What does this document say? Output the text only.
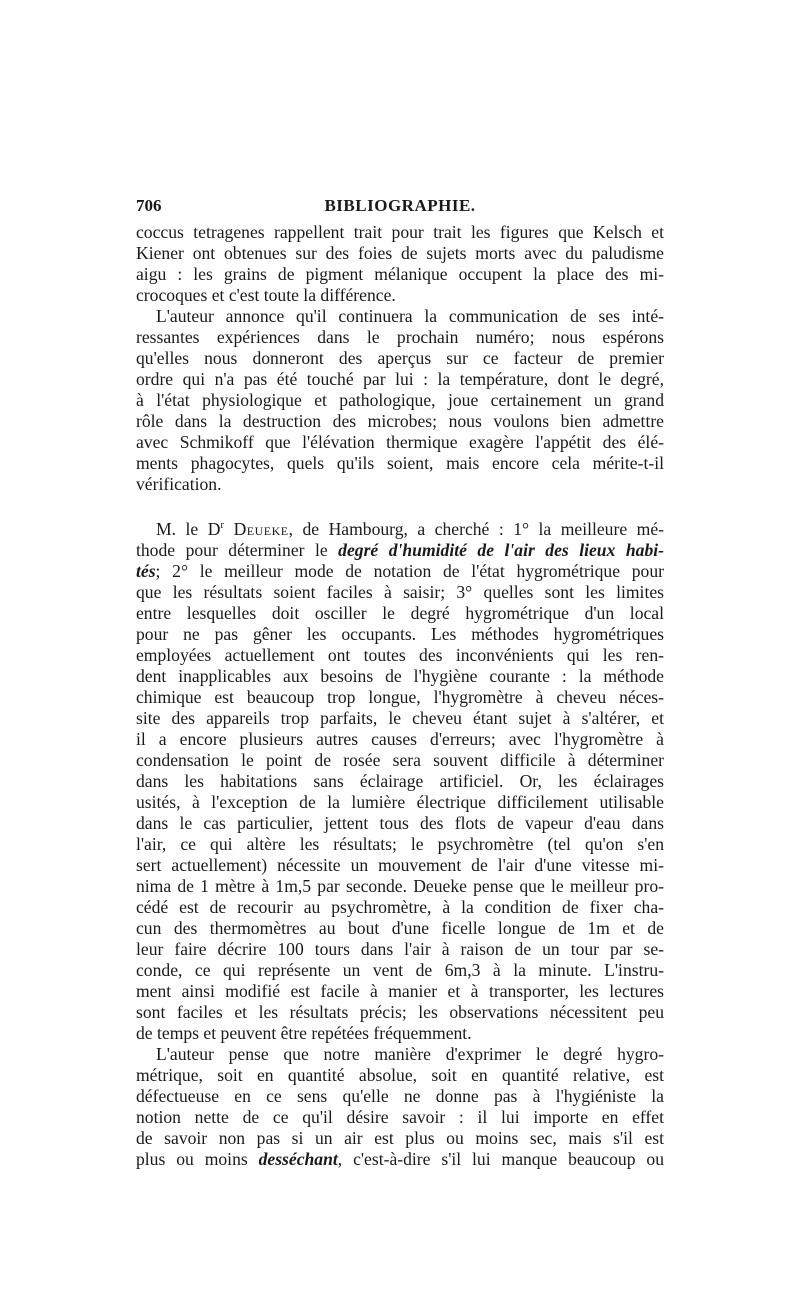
706	BIBLIOGRAPHIE.

coccus tetragenes rappellent trait pour trait les figures que Kelsch et
Kiener ont obtenues sur des foies de sujets morts avec du paludisme
aigu : les grains de pigment mélanique occupent la place des mi-
crocoques et c'est toute la différence.

L'auteur annonce qu'il continuera la communication de ses inté-
ressantes expériences dans le prochain numéro; nous espérons
qu'elles nous donneront des aperçus sur ce facteur de premier
ordre qui n'a pas été touché par lui : la température, dont le degré,
à l'état physiologique et pathologique, joue certainement un grand
rôle dans la destruction des microbes; nous voulons bien admettre
avec Schmikoff que l'élévation thermique exagère l'appétit des élé-
ments phagocytes, quels qu'ils soient, mais encore cela mérite-t-il
vérification.

M. le $D^r$ Deueke, de Hambourg, a cherché : 1° la meilleure mé-
thode pour déterminer le degré d'humidité de l'air des lieux habi-
tés; 2° le meilleur mode de notation de l'état hygrométrique pour
que les résultats soient faciles à saisir; 3° quelles sont les limites
entre lesquelles doit osciller le degré hygrométrique d'un local
pour ne pas gêner les occupants. Les méthodes hygrométriques
employées actuellement ont toutes des inconvénients qui les ren-
dent inapplicables aux besoins de l'hygiène courante : la méthode
chimique est beaucoup trop longue, l'hygromètre à cheveu néces-
site des appareils trop parfaits, le cheveu étant sujet à s'altérer, et
il a encore plusieurs autres causes d'erreurs; avec l'hygromètre à
condensation le point de rosée sera souvent difficile à déterminer
dans les habitations sans éclairage artificiel. Or, les éclairages
usités, à l'exception de la lumière électrique difficilement utilisable
dans le cas particulier, jettent tous des flots de vapeur d'eau dans
l'air, ce qui altère les résultats; le psychromètre (tel qu'on s'en
sert actuellement) nécessite un mouvement de l'air d'une vitesse mi-
nima de 1 mètre à 1m,5 par seconde. Deueke pense que le meilleur pro-
cédé est de recourir au psychromètre, à la condition de fixer cha-
cun des thermomètres au bout d'une ficelle longue de 1m et de
leur faire décrire 100 tours dans l'air à raison de un tour par se-
conde, ce qui représente un vent de 6m,3 à la minute. L'instru-
ment ainsi modifié est facile à manier et à transporter, les lectures
sont faciles et les résultats précis; les observations nécessitent peu
de temps et peuvent être repétées fréquemment.

L'auteur pense que notre manière d'exprimer le degré hygro-
métrique, soit en quantité absolue, soit en quantité relative, est
défectueuse en ce sens qu'elle ne donne pas à l'hygiéniste la
notion nette de ce qu'il désire savoir : il lui importe en effet
de savoir non pas si un air est plus ou moins sec, mais s'il est
plus ou moins desséchant, c'est-à-dire s'il lui manque beaucoup ou
